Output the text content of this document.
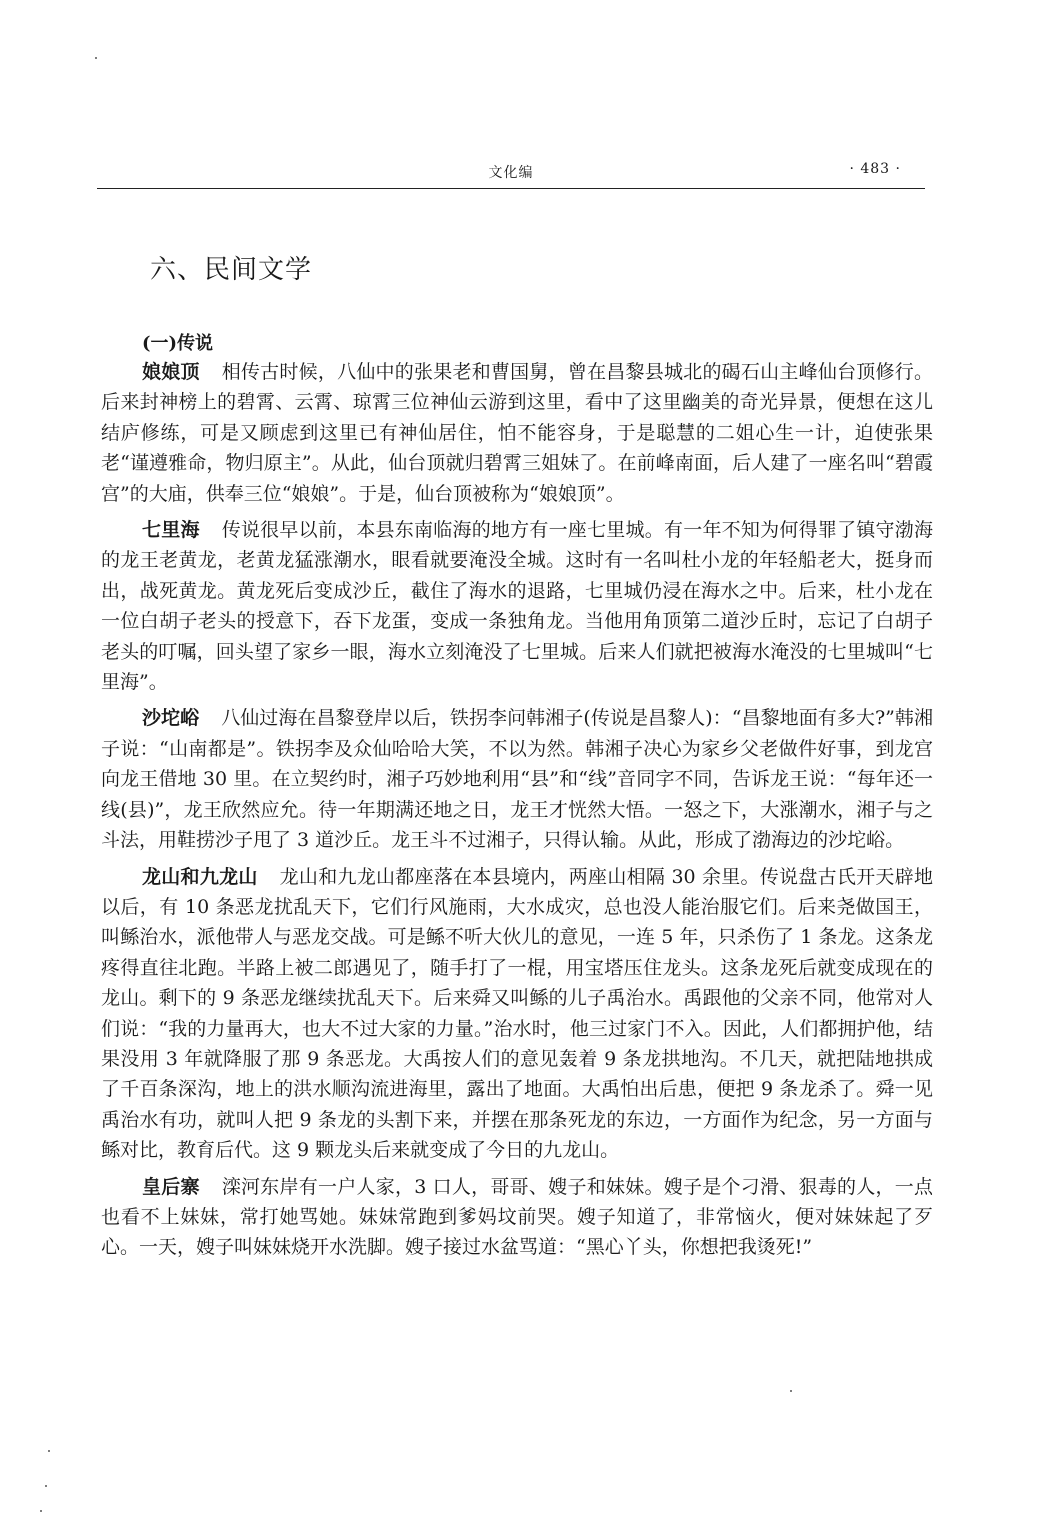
文化编	· 483 ·
六、民间文学
(一)传说

娘娘顶 相传古时候，八仙中的张果老和曹国舅，曾在昌黎县城北的碣石山主峰仙台顶修行。后来封神榜上的碧霄、云霄、琼霄三位神仙云游到这里，看中了这里幽美的奇光异景，便想在这儿结庐修练，可是又顾虑到这里已有神仙居住，怕不能容身，于是聪慧的二姐心生一计，迫使张果老“谨遵雅命，物归原主”。从此，仙台顶就归碧霄三姐妹了。在前峰南面，后人建了一座名叫“碧霞宫”的大庙，供奉三位“娘娘”。于是，仙台顶被称为“娘娘顶”。

七里海 传说很早以前，本县东南临海的地方有一座七里城。有一年不知为何得罪了镇守渤海的龙王老黄龙，老黄龙猛涨潮水，眼看就要淹没全城。这时有一名叫杜小龙的年轻船老大，挺身而出，战死黄龙。黄龙死后变成沙丘，截住了海水的退路，七里城仍浸在海水之中。后来，杜小龙在一位白胡子老头的授意下，吞下龙蛋，变成一条独角龙。当他用角顶第二道沙丘时，忘记了白胡子老头的叮嘱，回头望了家乡一眼，海水立刻淹没了七里城。后来人们就把被海水淹没的七里城叫“七里海”。

沙坨峪 八仙过海在昌黎登岸以后，铁拐李问韩湘子(传说是昌黎人)：“昌黎地面有多大?”韩湘子说：“山南都是”。铁拐李及众仙哈哈大笑，不以为然。韩湘子决心为家乡父老做件好事，到龙宫向龙王借地 30 里。在立契约时，湘子巧妙地利用“县”和“线”音同字不同，告诉龙王说：“每年还一线(县)”，龙王欣然应允。待一年期满还地之日，龙王才恍然大悟。一怒之下，大涨潮水，湘子与之斗法，用鞋捞沙子甩了 3 道沙丘。龙王斗不过湘子，只得认输。从此，形成了渤海边的沙坨峪。

龙山和九龙山 龙山和九龙山都座落在本县境内，两座山相隔 30 余里。传说盘古氏开天辟地以后，有 10 条恶龙扰乱天下，它们行风施雨，大水成灾，总也没人能治服它们。后来尧做国王，叫鲧治水，派他带人与恶龙交战。可是鲧不听大伙儿的意见，一连 5 年，只杀伤了 1 条龙。这条龙疼得直往北跑。半路上被二郎遇见了，随手打了一棍，用宝塔压住龙头。这条龙死后就变成现在的龙山。剩下的 9 条恶龙继续扰乱天下。后来舜又叫鲧的儿子禹治水。禹跟他的父亲不同，他常对人们说：“我的力量再大，也大不过大家的力量。”治水时，他三过家门不入。因此，人们都拥护他，结果没用 3 年就降服了那 9 条恶龙。大禹按人们的意见轰着 9 条龙拱地沟。不几天，就把陆地拱成了千百条深沟，地上的洪水顺沟流进海里，露出了地面。大禹怕出后患，便把 9 条龙杀了。舜一见禹治水有功，就叫人把 9 条龙的头割下来，并摆在那条死龙的东边，一方面作为纪念，另一方面与鲧对比，教育后代。这 9 颗龙头后来就变成了今日的九龙山。

皇后寨 滦河东岸有一户人家，3 口人，哥哥、嫂子和妹妹。嫂子是个刁滑、狠毒的人，一点也看不上妹妹，常打她骂她。妹妹常跑到爹妈坟前哭。嫂子知道了，非常恼火，便对妹妹起了歹心。一天，嫂子叫妹妹烧开水洗脚。嫂子接过水盆骂道：“黑心丫头，你想把我烫死!”
